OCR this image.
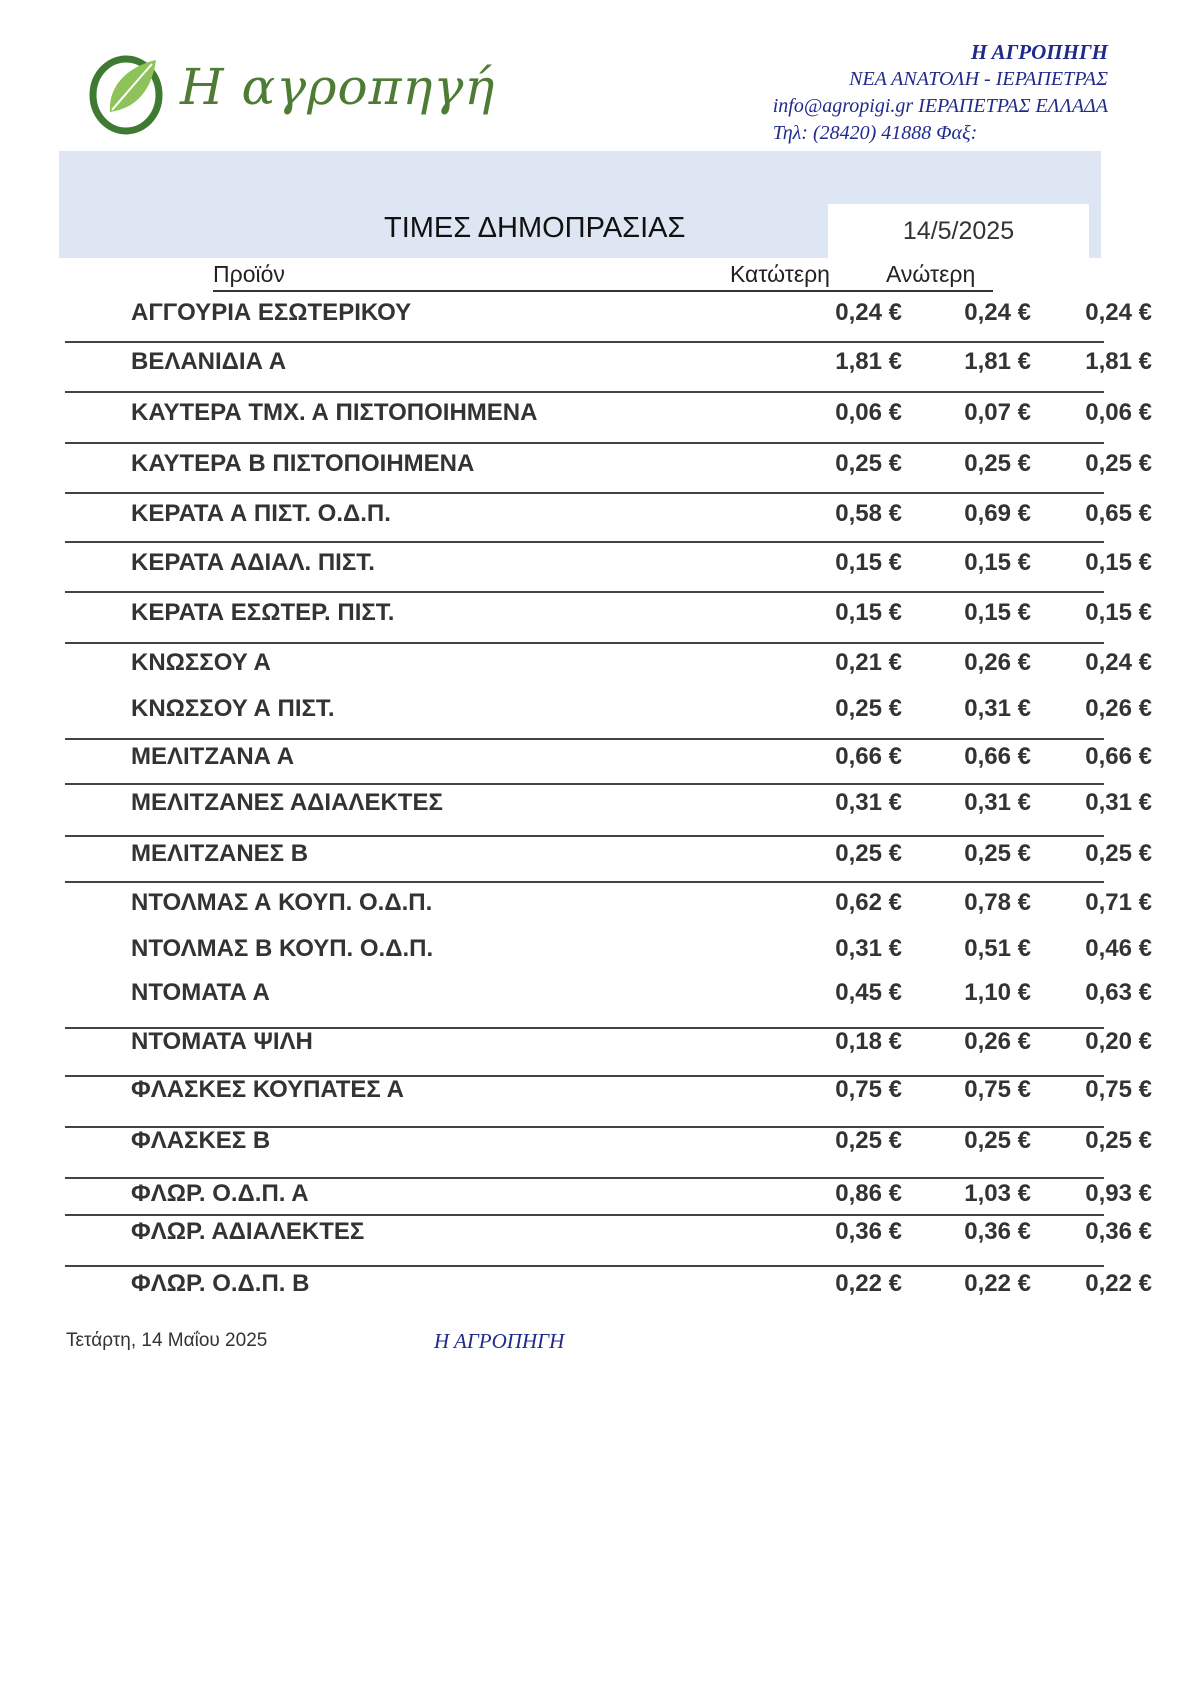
Η αγροπηγή
Η ΑΓΡΟΠΗΓΗ
ΝΕΑ ΑΝΑΤΟΛΗ - ΙΕΡΑΠΕΤΡΑΣ
info@agropigi.gr ΙΕΡΑΠΕΤΡΑΣ ΕΛΛΑΔΑ
Τηλ: (28420) 41888 Φαξ:
ΤΙΜΕΣ ΔΗΜΟΠΡΑΣΙΑΣ	14/5/2025
Προϊόν	Κατώτερη Ανώτερη
ΑΓΓΟΥΡΙΑ ΕΣΩΤΕΡΙΚΟΥ	0,24 €	0,24 €	0,24 €
ΒΕΛΑΝΙΔΙΑ Α	1,81 €	1,81 €	1,81 €
ΚΑΥΤΕΡΑ ΤΜΧ. Α ΠΙΣΤΟΠΟΙΗΜΕΝΑ	0,06 €	0,07 €	0,06 €
ΚΑΥΤΕΡΑ Β ΠΙΣΤΟΠΟΙΗΜΕΝΑ	0,25 €	0,25 €	0,25 €
ΚΕΡΑΤΑ Α ΠΙΣΤ. Ο.Δ.Π.	0,58 €	0,69 €	0,65 €
ΚΕΡΑΤΑ ΑΔΙΑΛ. ΠΙΣΤ.	0,15 €	0,15 €	0,15 €
ΚΕΡΑΤΑ ΕΣΩΤΕΡ. ΠΙΣΤ.	0,15 €	0,15 €	0,15 €
ΚΝΩΣΣΟΥ Α	0,21 €	0,26 €	0,24 €
ΚΝΩΣΣΟΥ Α ΠΙΣΤ.	0,25 €	0,31 €	0,26 €
ΜΕΛΙΤΖΑΝΑ Α	0,66 €	0,66 €	0,66 €
ΜΕΛΙΤΖΑΝΕΣ ΑΔΙΑΛΕΚΤΕΣ	0,31 €	0,31 €	0,31 €
ΜΕΛΙΤΖΑΝΕΣ Β	0,25 €	0,25 €	0,25 €
ΝΤΟΛΜΑΣ Α ΚΟΥΠ. Ο.Δ.Π.	0,62 €	0,78 €	0,71 €
ΝΤΟΛΜΑΣ Β ΚΟΥΠ. Ο.Δ.Π.	0,31 €	0,51 €	0,46 €
ΝΤΟΜΑΤΑ Α	0,45 €	1,10 €	0,63 €
ΝΤΟΜΑΤΑ ΨΙΛΗ	0,18 €	0,26 €	0,20 €
ΦΛΑΣΚΕΣ ΚΟΥΠΑΤΕΣ Α	0,75 €	0,75 €	0,75 €
ΦΛΑΣΚΕΣ Β	0,25 €	0,25 €	0,25 €
ΦΛΩΡ. Ο.Δ.Π. Α	0,86 €	1,03 €	0,93 €
ΦΛΩΡ. ΑΔΙΑΛΕΚΤΕΣ	0,36 €	0,36 €	0,36 €
ΦΛΩΡ. Ο.Δ.Π. Β	0,22 €	0,22 €	0,22 €
Τετάρτη, 14 Μαΐου 2025	Η ΑΓΡΟΠΗΓΗ
